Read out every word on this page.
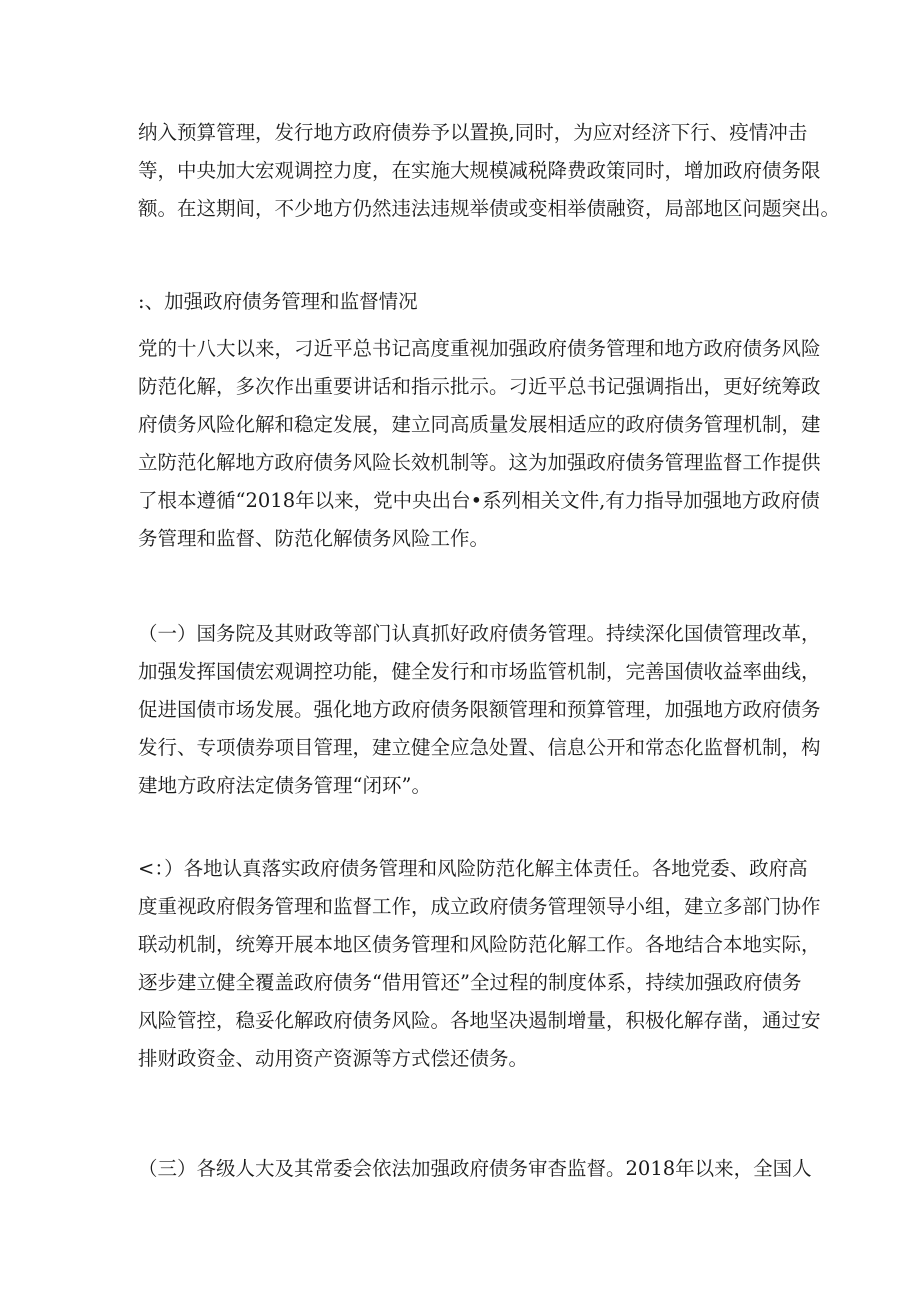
纳入预算管理，发行地方政府债券予以置换,同时，为应对经济下行、疫情冲击
等，中央加大宏观调控力度，在实施大规模减税降费政策同时，增加政府债务限
额。在这期间，不少地方仍然违法违规举债或变相举债融资，局部地区问题突出。
:、加强政府债务管理和监督情况
党的十八大以来，刁近平总书记高度重视加强政府债务管理和地方政府债务风险
防范化解，多次作出重要讲话和指示批示。刁近平总书记强调指出，更好统筹政
府债务风险化解和稳定发展，建立同高质量发展相适应的政府债务管理机制，建
立防范化解地方政府债务风险长效机制等。这为加强政府债务管理监督工作提供
了根本遵循“2018年以来，党中央出台•系列相关文件,有力指导加强地方政府债
务管理和监督、防范化解债务风险工作。
（一）国务院及其财政等部门认真抓好政府债务管理。持续深化国债管理改革，
加强发挥国债宏观调控功能，健全发行和市场监管机制，完善国债收益率曲线，
促进国债市场发展。强化地方政府债务限额管理和预算管理，加强地方政府债务
发行、专项债券项目管理，建立健全应急处置、信息公开和常态化监督机制，构
建地方政府法定债务管理“闭环”。
<：）各地认真落实政府债务管理和风险防范化解主体责任。各地党委、政府高
度重视政府假务管理和监督工作，成立政府债务管理领导小组，建立多部门协作
联动机制，统筹开展本地区债务管理和风险防范化解工作。各地结合本地实际，
逐步建立健全覆盖政府债务“借用管还”全过程的制度体系，持续加强政府债务
风险管控，稳妥化解政府债务风险。各地坚决遏制增量，积极化解存凿，通过安
排财政资金、动用资产资源等方式偿还债务。
（三）各级人大及其常委会依法加强政府债务审杳监督。2018年以来，全国人
